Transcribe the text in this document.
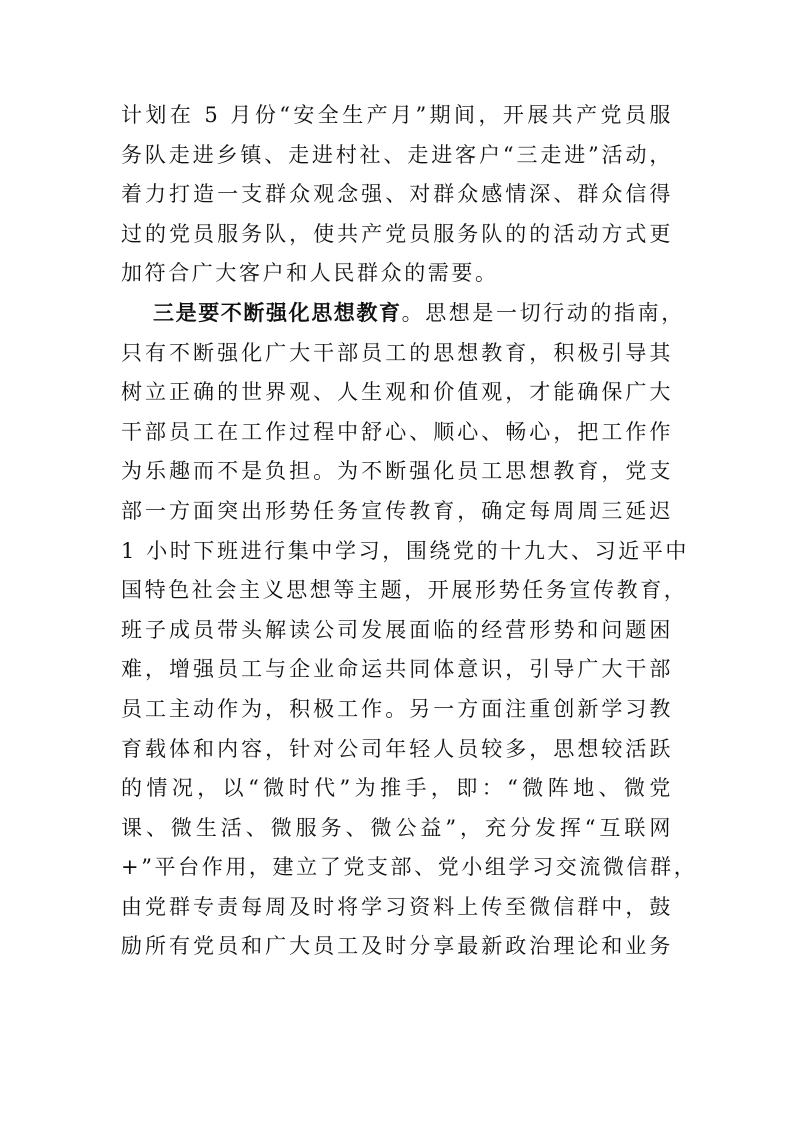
计划在 5 月份“安全生产月”期间，开展共产党员服
务队走进乡镇、走进村社、走进客户“三走进”活动，
着力打造一支群众观念强、对群众感情深、群众信得
过的党员服务队，使共产党员服务队的的活动方式更
加符合广大客户和人民群众的需要。
三是要不断强化思想教育。思想是一切行动的指南，
只有不断强化广大干部员工的思想教育，积极引导其
树立正确的世界观、人生观和价值观，才能确保广大
干部员工在工作过程中舒心、顺心、畅心，把工作作
为乐趣而不是负担。为不断强化员工思想教育，党支
部一方面突出形势任务宣传教育，确定每周周三延迟
1 小时下班进行集中学习，围绕党的十九大、习近平中
国特色社会主义思想等主题，开展形势任务宣传教育，
班子成员带头解读公司发展面临的经营形势和问题困
难，增强员工与企业命运共同体意识，引导广大干部
员工主动作为，积极工作。另一方面注重创新学习教
育载体和内容，针对公司年轻人员较多，思想较活跃
的情况，以“微时代”为推手，即：“微阵地、微党
课、微生活、微服务、微公益”，充分发挥“互联网
+”平台作用，建立了党支部、党小组学习交流微信群，
由党群专责每周及时将学习资料上传至微信群中，鼓
励所有党员和广大员工及时分享最新政治理论和业务
